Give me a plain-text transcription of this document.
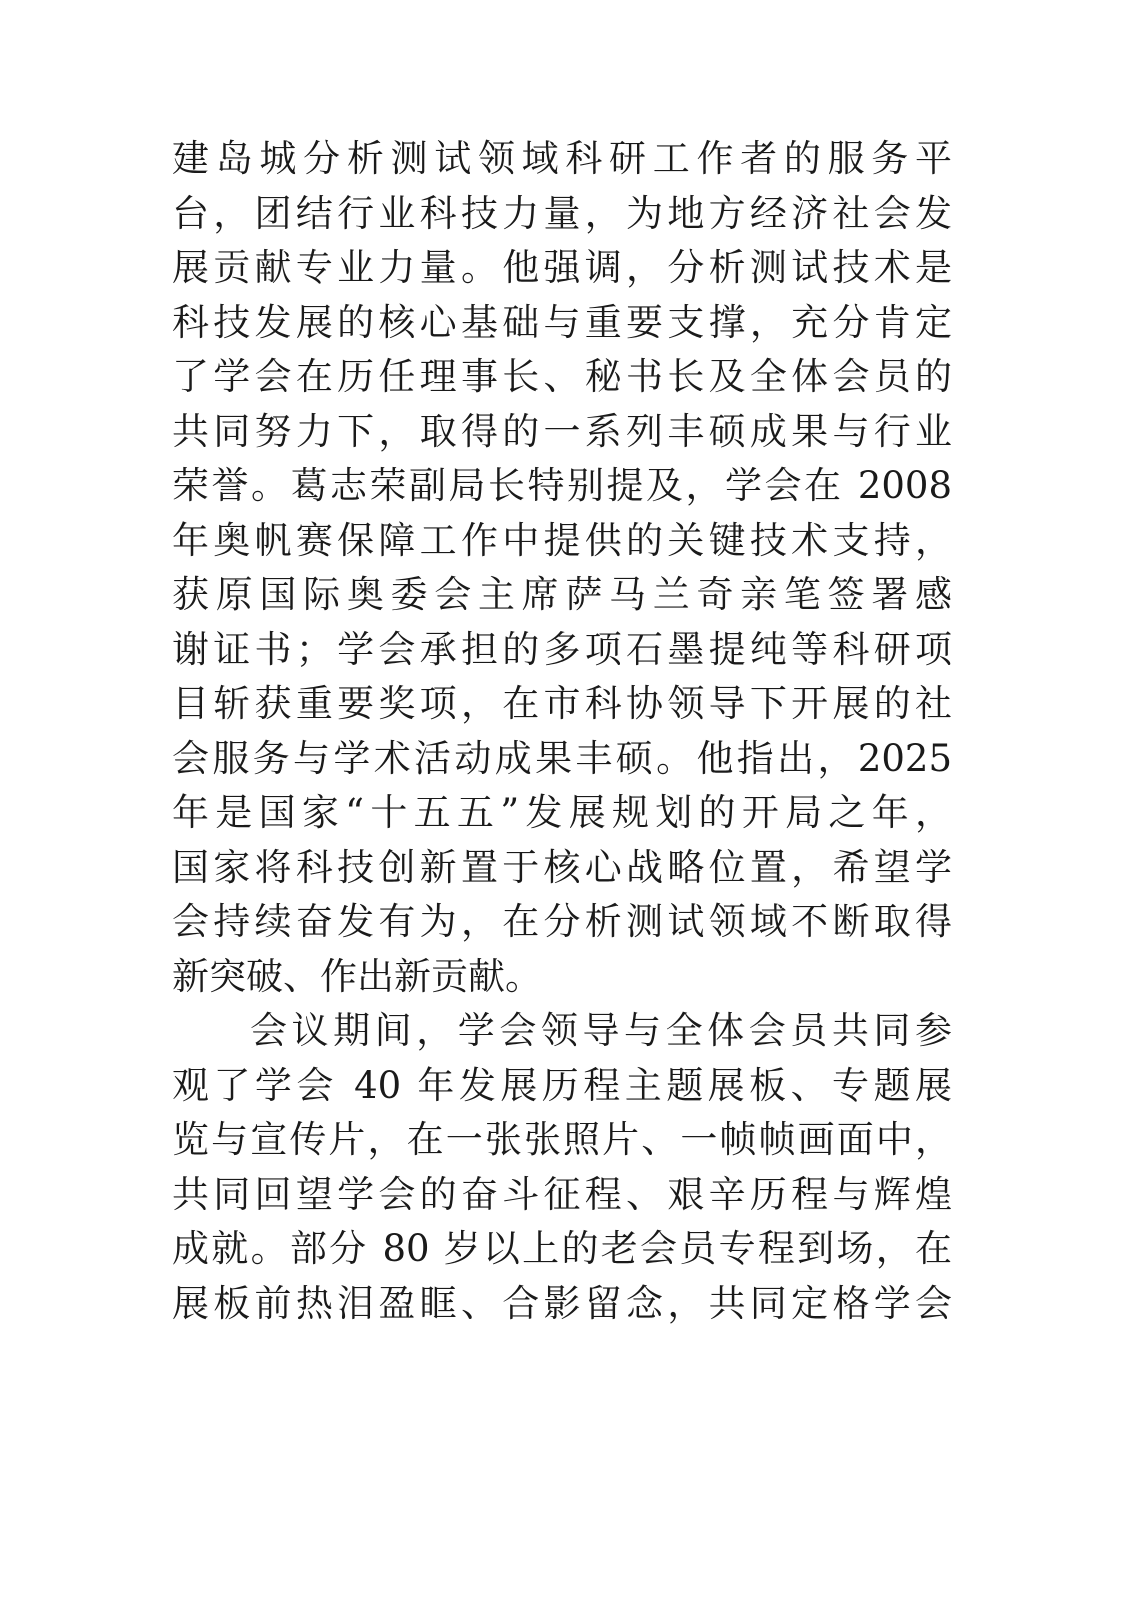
建岛城分析测试领域科研工作者的服务平
台，团结行业科技力量，为地方经济社会发
展贡献专业力量。他强调，分析测试技术是
科技发展的核心基础与重要支撑，充分肯定
了学会在历任理事长、秘书长及全体会员的
共同努力下，取得的一系列丰硕成果与行业
荣誉。葛志荣副局长特别提及，学会在 2008
年奥帆赛保障工作中提供的关键技术支持，
获原国际奥委会主席萨马兰奇亲笔签署感
谢证书；学会承担的多项石墨提纯等科研项
目斩获重要奖项，在市科协领导下开展的社
会服务与学术活动成果丰硕。他指出，2025
年是国家“十五五”发展规划的开局之年，
国家将科技创新置于核心战略位置，希望学
会持续奋发有为，在分析测试领域不断取得
新突破、作出新贡献。
会议期间，学会领导与全体会员共同参
观了学会 40 年发展历程主题展板、专题展
览与宣传片，在一张张照片、一帧帧画面中，
共同回望学会的奋斗征程、艰辛历程与辉煌
成就。部分 80 岁以上的老会员专程到场，在
展板前热泪盈眶、合影留念，共同定格学会
